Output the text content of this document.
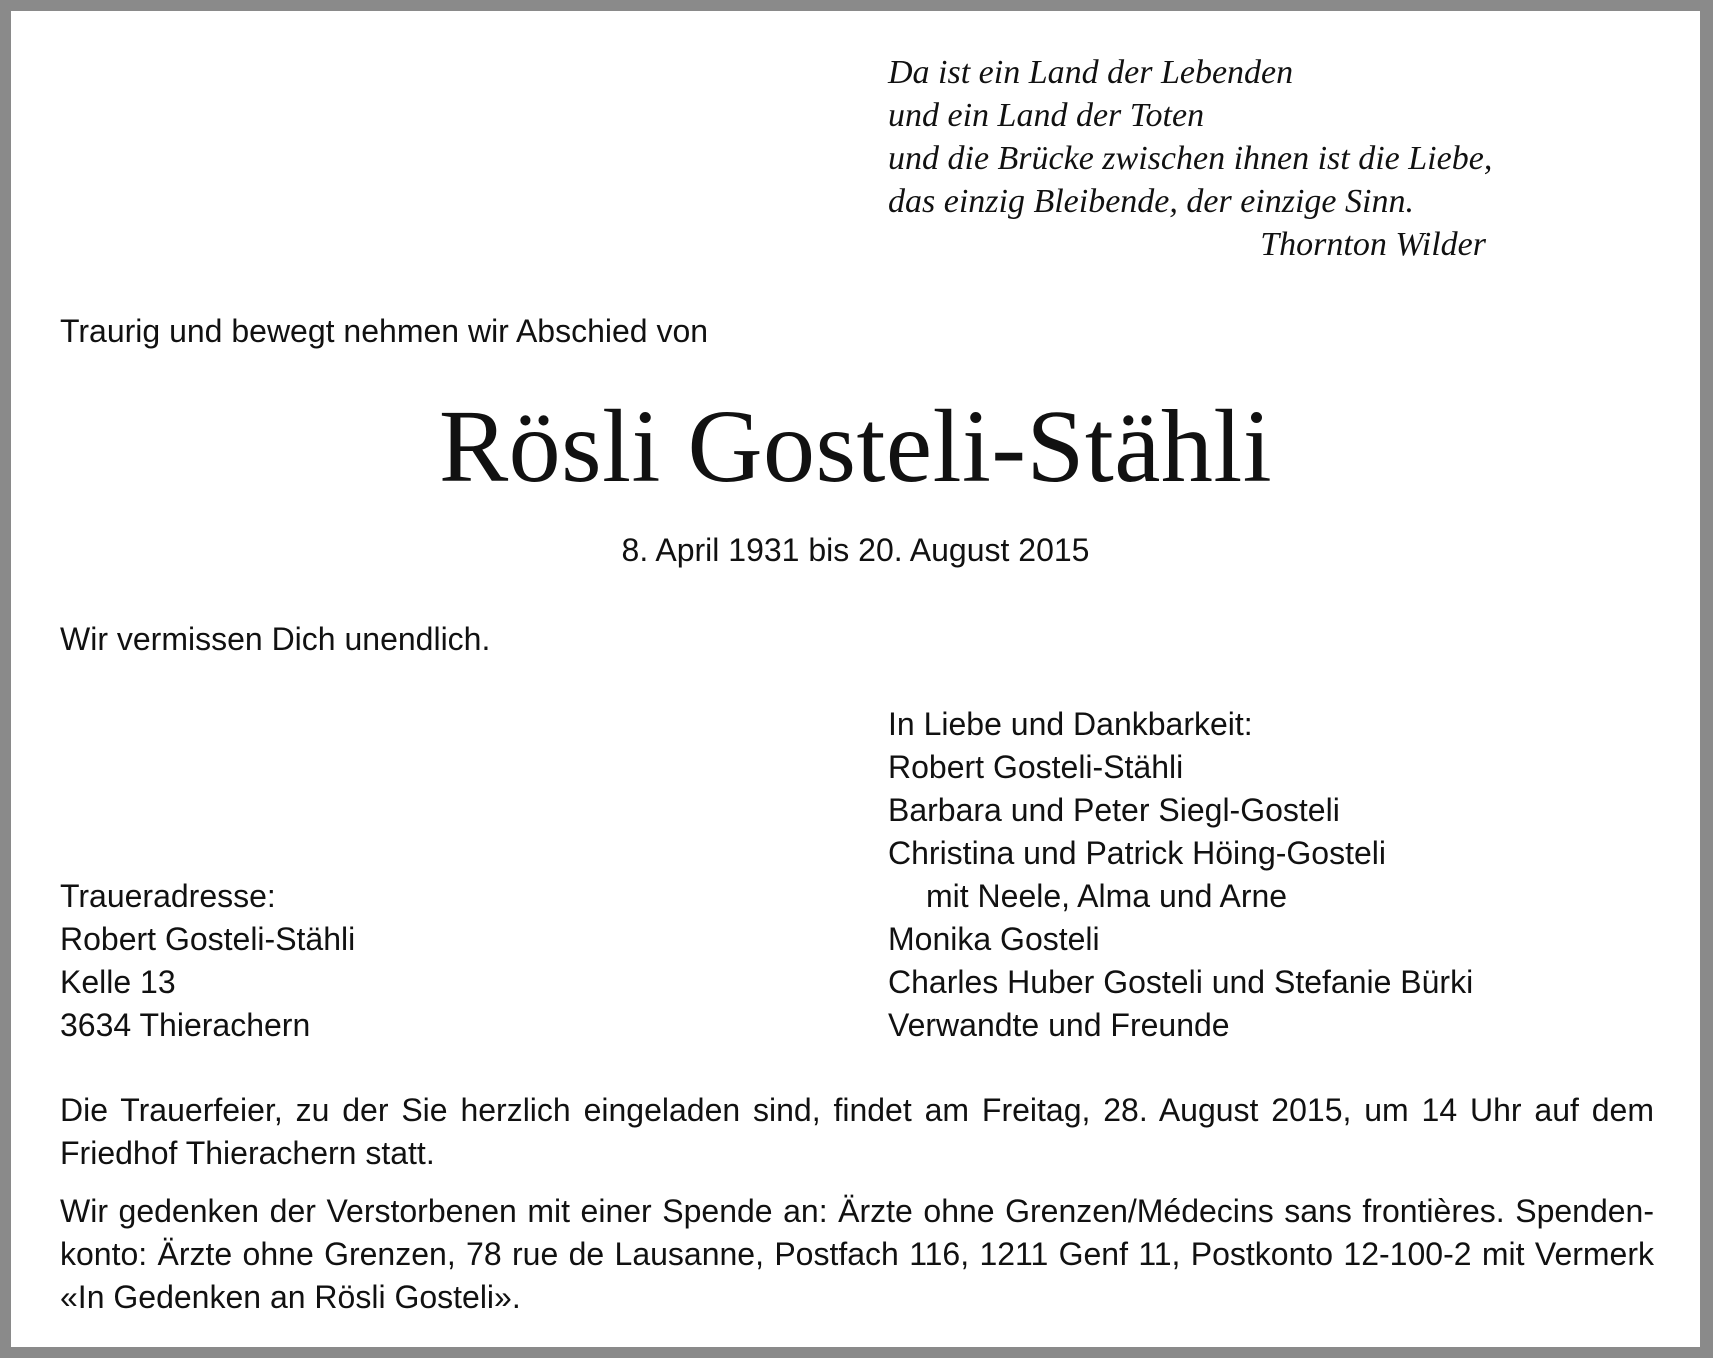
Da ist ein Land der Lebenden
und ein Land der Toten
und die Brücke zwischen ihnen ist die Liebe,
das einzig Bleibende, der einzige Sinn.
Thornton Wilder
Traurig und bewegt nehmen wir Abschied von
Rösli Gosteli-Stähli
8. April 1931 bis 20. August 2015
Wir vermissen Dich unendlich.
In Liebe und Dankbarkeit:
Robert Gosteli-Stähli
Barbara und Peter Siegl-Gosteli
Christina und Patrick Höing-Gosteli
mit Neele, Alma und Arne
Monika Gosteli
Charles Huber Gosteli und Stefanie Bürki
Verwandte und Freunde
Traueradresse:
Robert Gosteli-Stähli
Kelle 13
3634 Thierachern
Die Trauerfeier, zu der Sie herzlich eingeladen sind, findet am Freitag, 28. August 2015, um 14 Uhr auf dem Friedhof Thierachern statt.
Wir gedenken der Verstorbenen mit einer Spende an: Ärzte ohne Grenzen/Médecins sans frontières. Spenden-konto: Ärzte ohne Grenzen, 78 rue de Lausanne, Postfach 116, 1211 Genf 11, Postkonto 12-100-2 mit Vermerk «In Gedenken an Rösli Gosteli».
